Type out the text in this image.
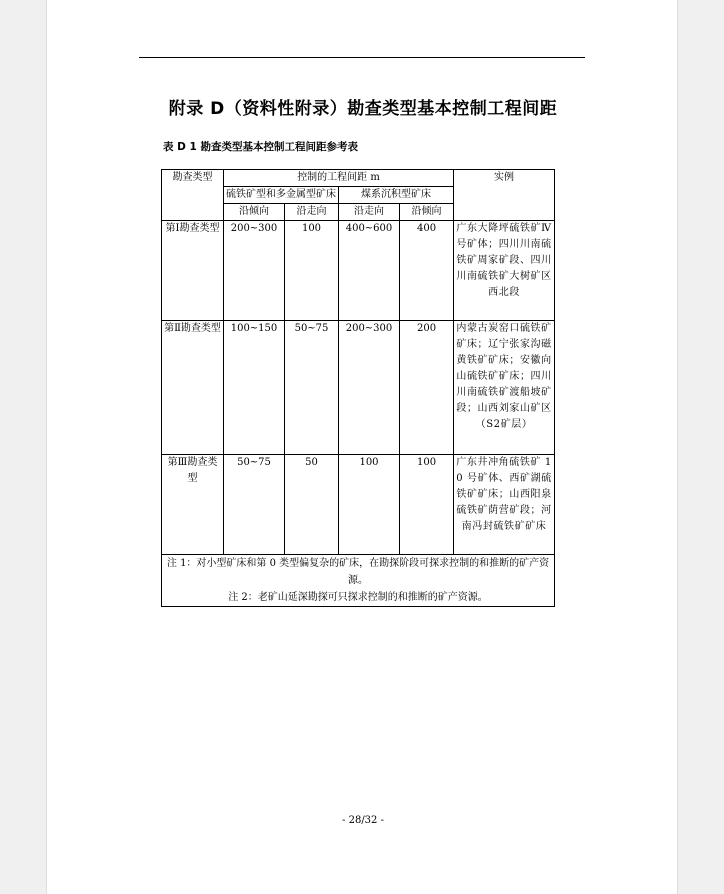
附录 D（资料性附录）勘查类型基本控制工程间距
表 D 1 勘查类型基本控制工程间距参考表
勘查类型	控制的工程间距 m				实例
	硫铁矿型和多金属型矿床		煤系沉积型矿床		
	沿倾向	沿走向	沿走向	沿倾向	
第Ⅰ勘查类型	200~300	100	400~600	400	广东大降坪硫铁矿Ⅳ号矿体；四川川南硫铁矿周家矿段、四川川南硫铁矿大树矿区西北段
第Ⅱ勘查类型	100~150	50~75	200~300	200	内蒙古炭窑口硫铁矿矿床；辽宁张家沟磁黄铁矿矿床；安徽向山硫铁矿矿床；四川川南硫铁矿渡船坡矿段；山西刘家山矿区（S2矿层）
第Ⅲ勘查类型	50~75	50	100	100	广东井冲角硫铁矿 10 号矿体、西矿湖硫铁矿矿床；山西阳泉硫铁矿荫营矿段；河南冯封硫铁矿矿床

注 1：对小型矿床和第 0 类型偏复杂的矿床，在勘探阶段可探求控制的和推断的矿产资源。
注 2：老矿山延深勘探可只探求控制的和推断的矿产资源。					
- 28/32 -
